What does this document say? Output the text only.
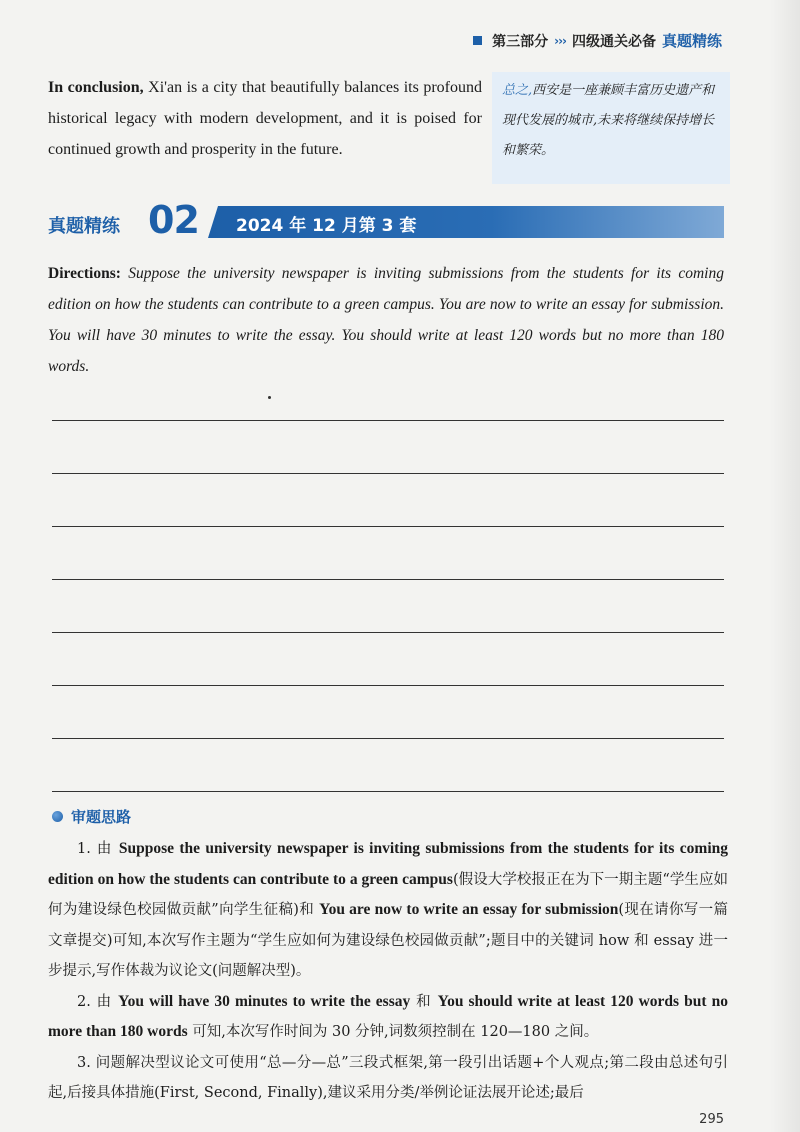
第三部分 ››› 四级通关必备 真题精练
In conclusion, Xi'an is a city that beautifully balances its profound historical legacy with modern development, and it is poised for continued growth and prosperity in the future.
总之,西安是一座兼顾丰富历史遗产和现代发展的城市,未来将继续保持增长和繁荣。
真题精练 02 2024 年 12 月第 3 套
Directions: Suppose the university newspaper is inviting submissions from the students for its coming edition on how the students can contribute to a green campus. You are now to write an essay for submission. You will have 30 minutes to write the essay. You should write at least 120 words but no more than 180 words.
审题思路

1. 由 Suppose the university newspaper is inviting submissions from the students for its coming edition on how the students can contribute to a green campus(假设大学校报正在为下一期主题“学生应如何为建设绿色校园做贡献”向学生征稿)和 You are now to write an essay for submission(现在请你写一篇文章提交)可知,本次写作主题为“学生应如何为建设绿色校园做贡献”;题目中的关键词 how 和 essay 进一步提示,写作体裁为议论文(问题解决型)。

2. 由 You will have 30 minutes to write the essay 和 You should write at least 120 words but no more than 180 words 可知,本次写作时间为 30 分钟,词数须控制在 120—180 之间。

3. 问题解决型议论文可使用“总—分—总”三段式框架,第一段引出话题+个人观点;第二段由总述句引起,后接具体措施(First, Second, Finally),建议采用分类/举例论证法展开论述;最后

295
